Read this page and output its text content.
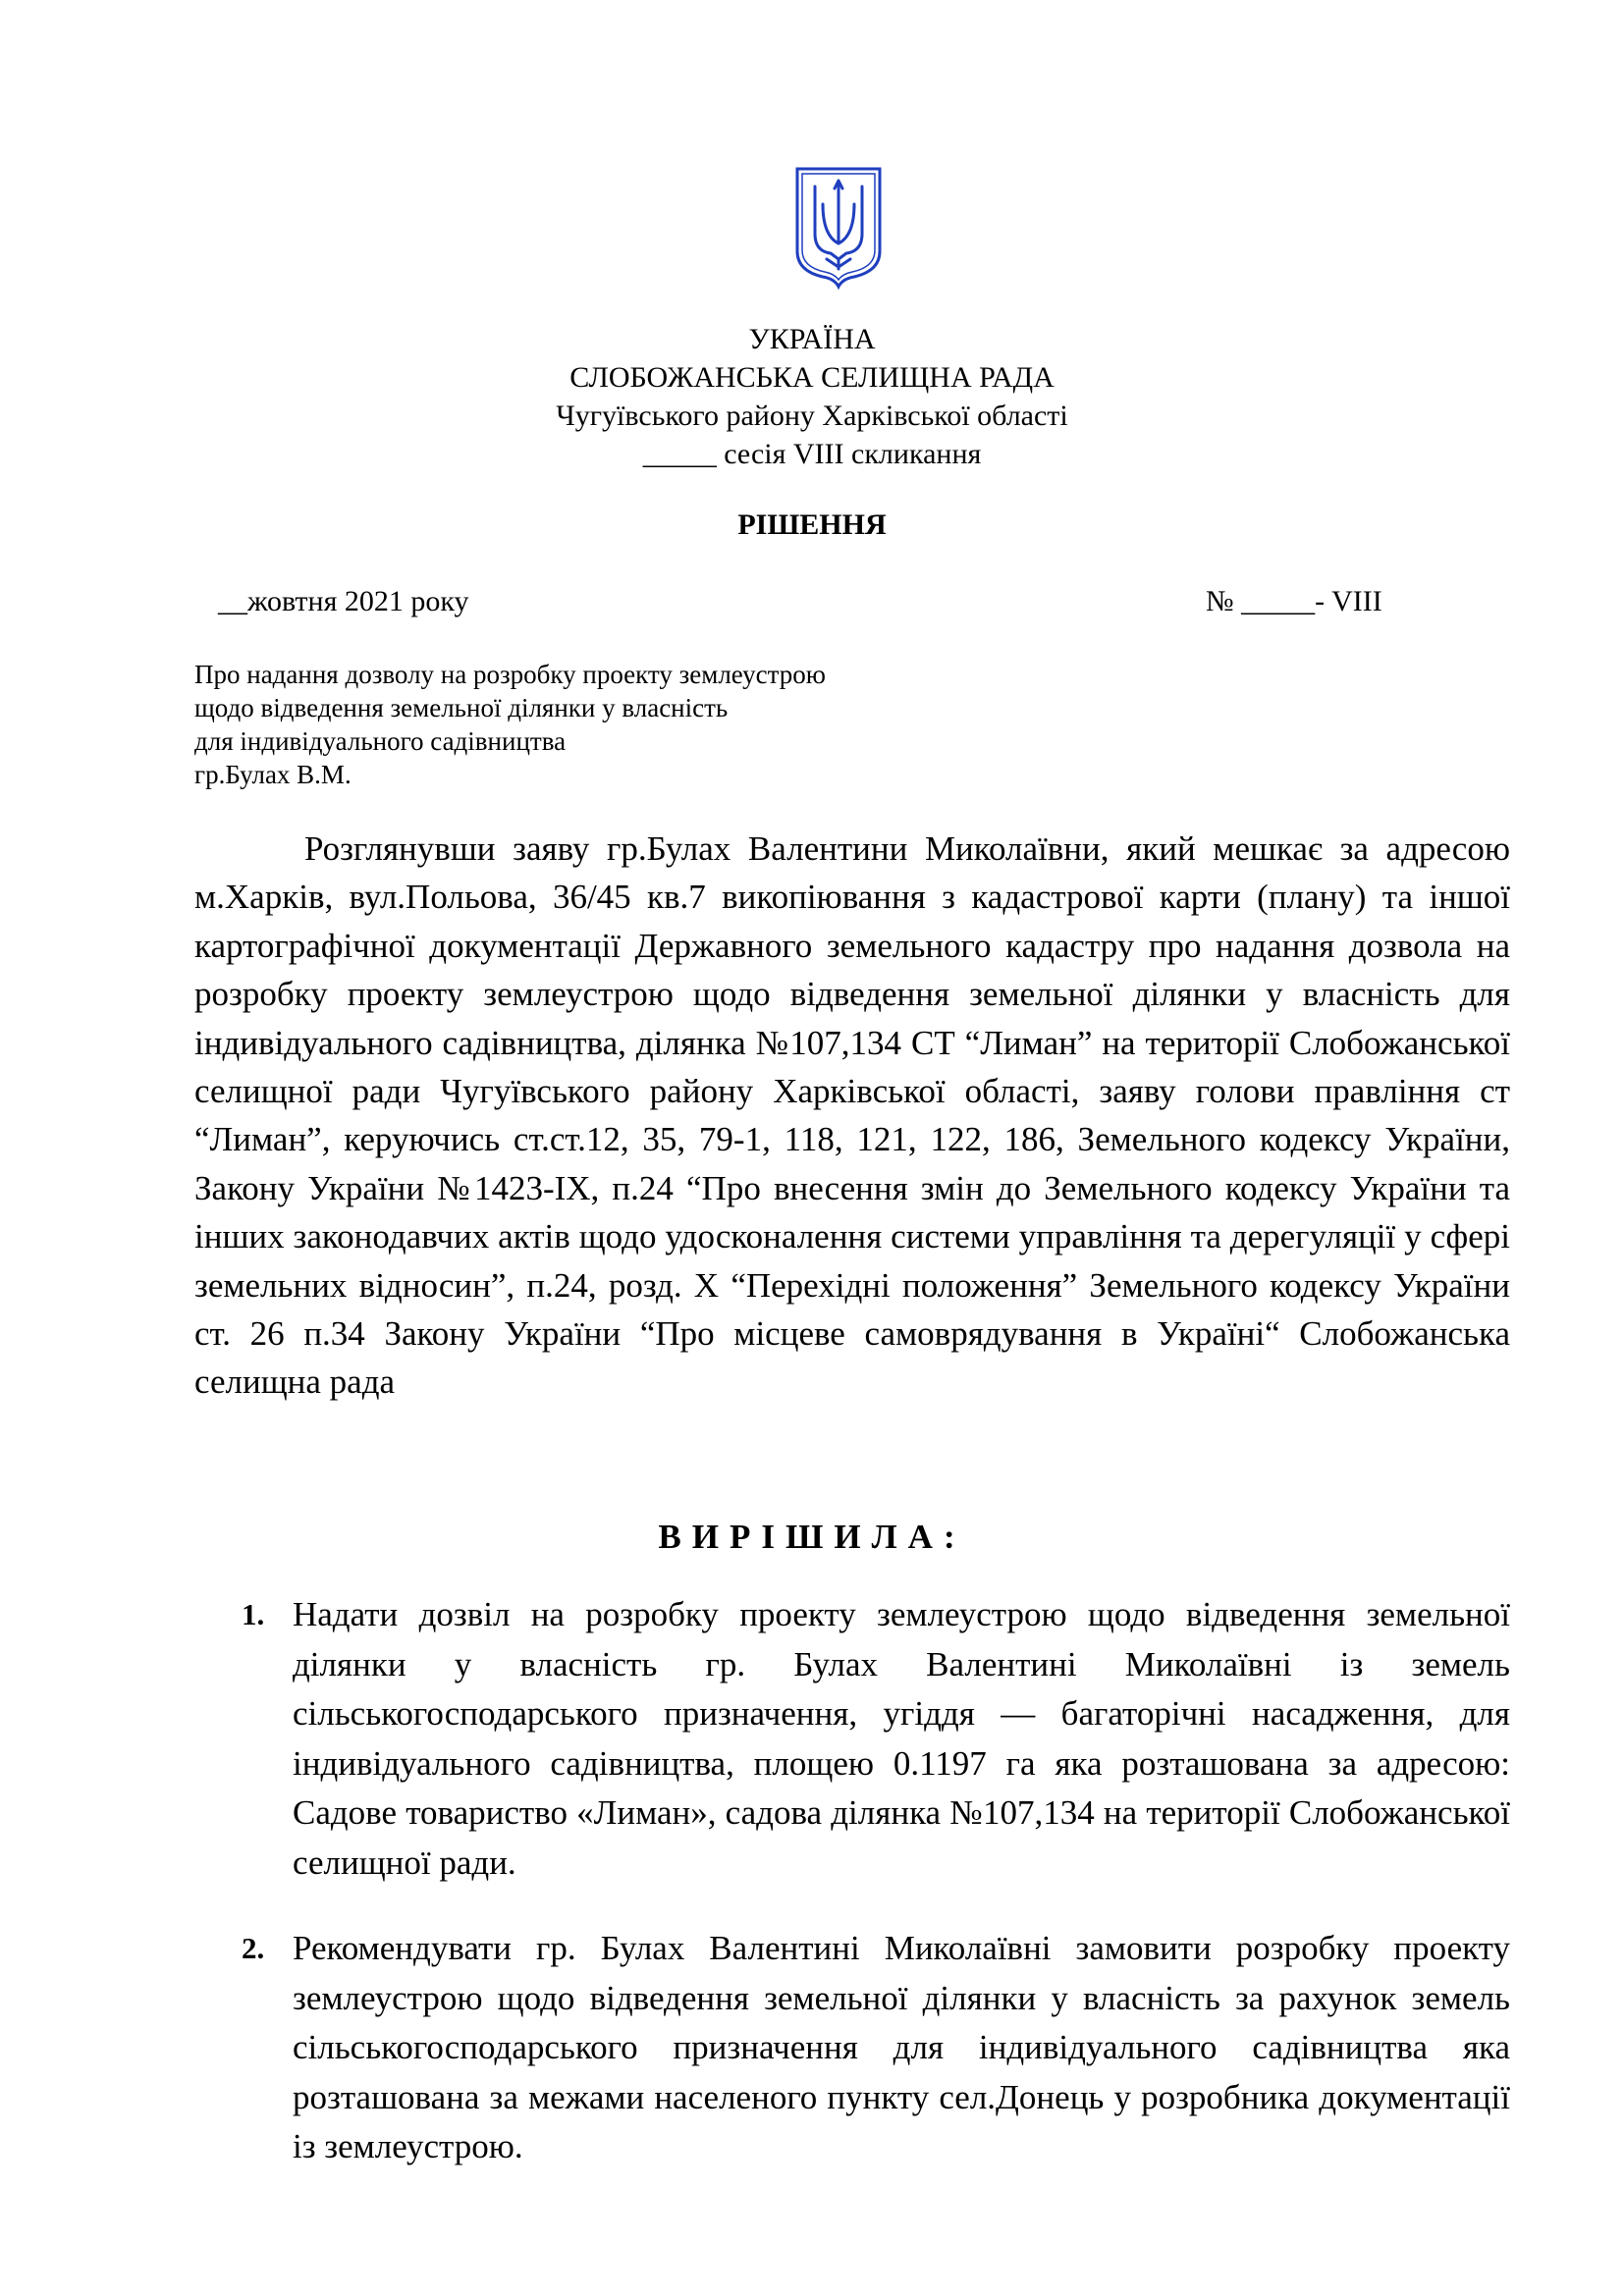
УКРАЇНА
СЛОБОЖАНСЬКА СЕЛИЩНА РАДА
Чугуївського району Харківської області
_____ сесія VIII скликання
РІШЕННЯ
__жовтня 2021 року	№ _____- VIII
Про надання дозволу на розробку проекту землеустрою
щодо відведення земельної ділянки у власність
для індивідуального садівництва
гр.Булах В.М.

Розглянувши заяву гр.Булах Валентини Миколаївни, який мешкає за адресою м.Харків, вул.Польова, 36/45 кв.7 викопіювання з кадастрової карти (плану) та іншої картографічної документації Державного земельного кадастру про надання дозвола на розробку проекту землеустрою щодо відведення земельної ділянки у власність для індивідуального садівництва, ділянка №107,134 СТ “Лиман” на території Слобожанської селищної ради Чугуївського району Харківської області, заяву голови правління ст “Лиман”, керуючись ст.ст.12, 35, 79-1, 118, 121, 122, 186, Земельного кодексу України, Закону України №1423-IX, п.24 “Про внесення змін до Земельного кодексу України та інших законодавчих актів щодо удосконалення системи управління та дерегуляції у сфері земельних відносин”, п.24, розд. X “Перехідні положення” Земельного кодексу України ст. 26 п.34 Закону України “Про місцеве самоврядування в Україні“ Слобожанська селищна рада

ВИРІШИЛА:
1. Надати дозвіл на розробку проекту землеустрою щодо відведення земельної ділянки у власність гр. Булах Валентині Миколаївні із земель сільськогосподарського призначення, угіддя — багаторічні насадження, для індивідуального садівництва, площею 0.1197 га яка розташована за адресою: Садове товариство «Лиман», садова ділянка №107,134 на території Слобожанської селищної ради.
2. Рекомендувати гр. Булах Валентині Миколаївні замовити розробку проекту землеустрою щодо відведення земельної ділянки у власність за рахунок земель сільськогосподарського призначення для індивідуального садівництва яка розташована за межами населеного пункту сел.Донець у розробника документації із землеустрою.
